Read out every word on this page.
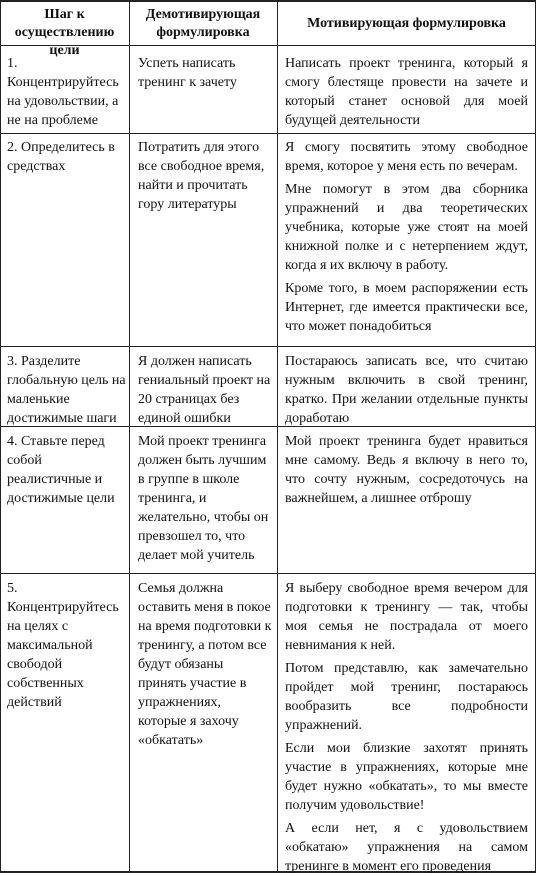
Шаг к осуществлению цели
Демотивирующая формулировка
Мотивирующая формулировка
1. Концентрируйтесь на удовольствии, а не на проблеме
Успеть написать тренинг к зачету

Написать проект тренинга, который я смогу блестяще провести на зачете и который станет основой для моей будущей деятельности

2. Определитесь в средствах
Потратить для этого все свободное время, найти и прочитать гору литературы

Я смогу посвятить этому свободное время, которое у меня есть по вечерам.

Мне помогут в этом два сборника упражнений и два теоретических учебника, которые уже стоят на моей книжной полке и с нетерпением ждут, когда я их включу в работу.

Кроме того, в моем распоряжении есть Интернет, где имеется практически все, что может понадобиться

3. Разделите глобальную цель на маленькие достижимые шаги
Я должен написать гениальный проект на 20 страницах без единой ошибки

Постараюсь записать все, что считаю нужным включить в свой тренинг, кратко. При желании отдельные пункты доработаю

4. Ставьте перед собой реалистичные и достижимые цели
Мой проект тренинга должен быть лучшим в группе в школе тренинга, и желательно, чтобы он превзошел то, что делает мой учитель

Мой проект тренинга будет нравиться мне самому. Ведь я включу в него то, что сочту нужным, сосредоточусь на важнейшем, а лишнее отброшу

5. Концентрируйтесь на целях с максимальной свободой собственных действий
Семья должна оставить меня в покое на время подготовки к тренингу, а потом все будут обязаны принять участие в упражнениях, которые я захочу «обкатать»

Я выберу свободное время вечером для подготовки к тренингу — так, чтобы моя семья не пострадала от моего невнимания к ней.

Потом представлю, как замечательно пройдет мой тренинг, постараюсь вообразить все подробности упражнений.

Если мои близкие захотят принять участие в упражнениях, которые мне будет нужно «обкатать», то мы вместе получим удовольствие!

А если нет, я с удовольствием «обкатаю» упражнения на самом тренинге в момент его проведения
